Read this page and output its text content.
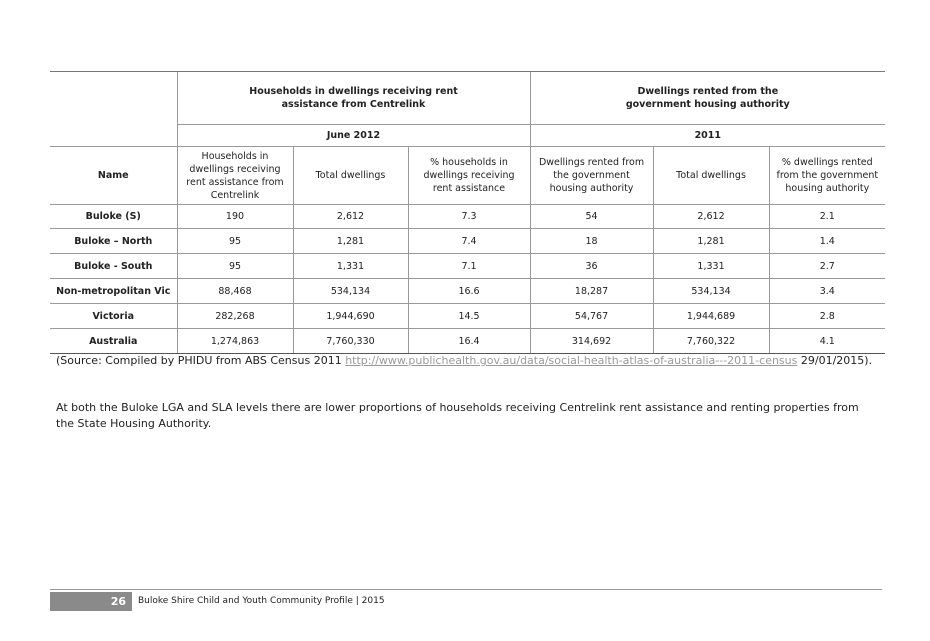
	Households in dwellings receiving rent assistance from Centrelink			Dwellings rented from the government housing authority		
	June 2012			2011		

Name	Households in dwellings receiving rent assistance from Centrelink	Total dwellings	% households in dwellings receiving rent assistance	Dwellings rented from the government housing authority	Total dwellings	% dwellings rented from the government housing authority
Buloke (S)	190	2,612	7.3	54	2,612	2.1
Buloke – North	95	1,281	7.4	18	1,281	1.4
Buloke - South	95	1,331	7.1	36	1,331	2.7
Non-metropolitan Vic	88,468	534,134	16.6	18,287	534,134	3.4
Victoria	282,268	1,944,690	14.5	54,767	1,944,689	2.8
Australia	1,274,863	7,760,330	16.4	314,692	7,760,322	4.1
(Source: Compiled by PHIDU from ABS Census 2011 http://www.publichealth.gov.au/data/social-health-atlas-of-australia---2011-census 29/01/2015).
At both the Buloke LGA and SLA levels there are lower proportions of households receiving Centrelink rent assistance and renting properties from the State Housing Authority.
26	Buloke Shire Child and Youth Community Profile | 2015
